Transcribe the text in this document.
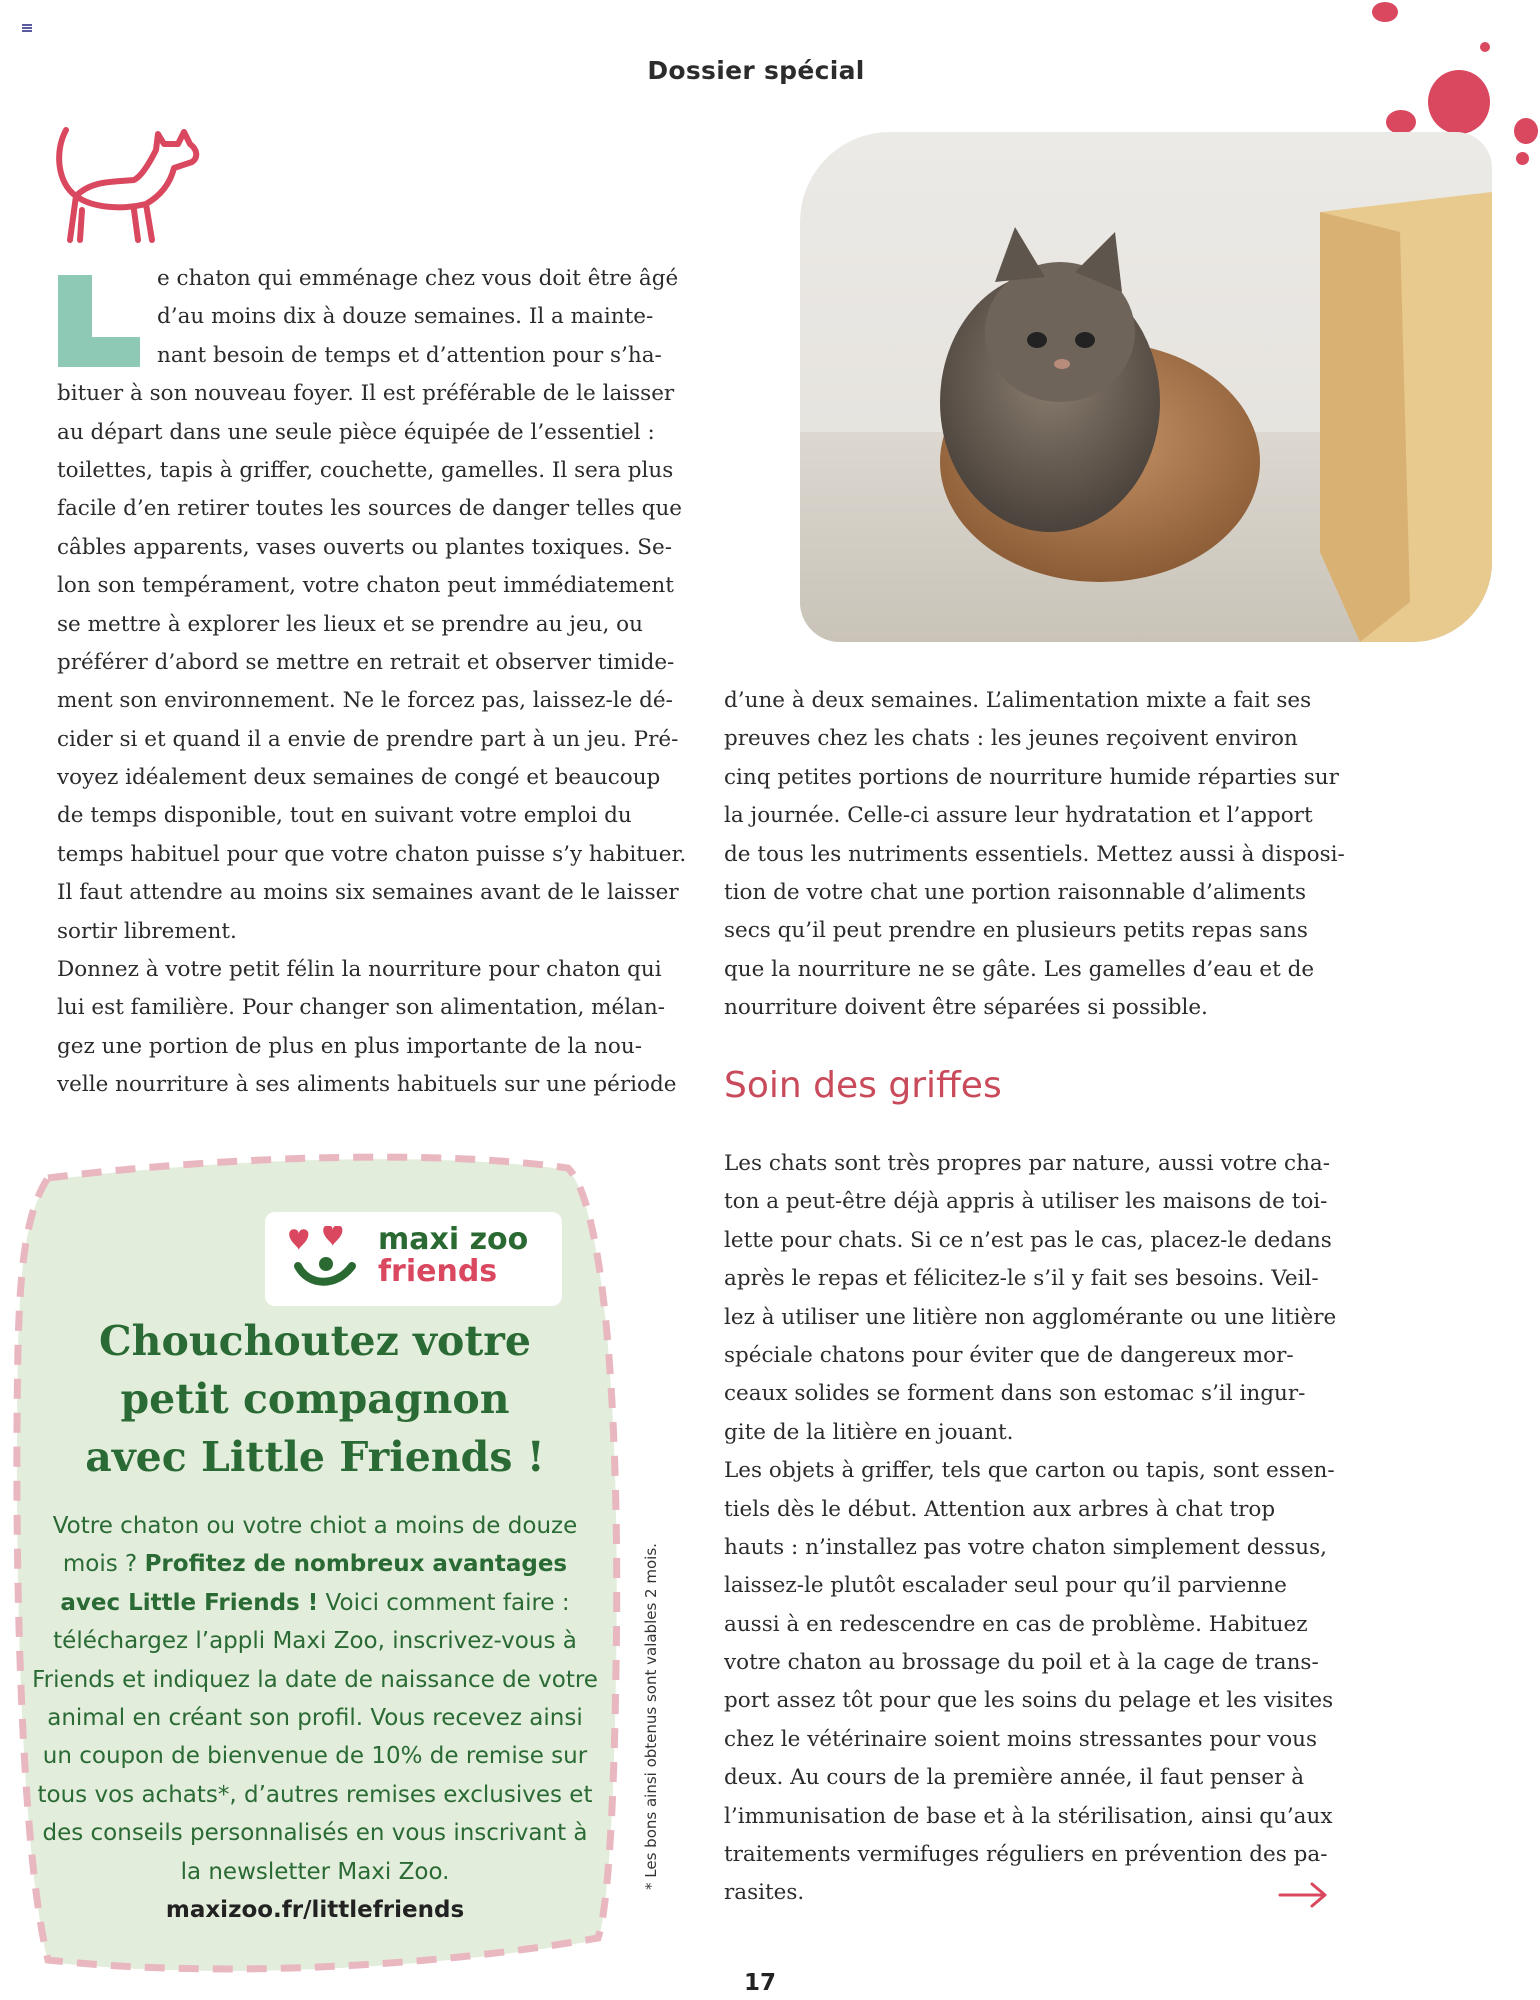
Dossier spécial
e chaton qui emménage chez vous doit être âgé
d’au moins dix à douze semaines. Il a mainte-
nant besoin de temps et d’attention pour s’ha-
bituer à son nouveau foyer. Il est préférable de le laisser
au départ dans une seule pièce équipée de l’essentiel :
toilettes, tapis à griffer, couchette, gamelles. Il sera plus
facile d’en retirer toutes les sources de danger telles que
câbles apparents, vases ouverts ou plantes toxiques. Se-
lon son tempérament, votre chaton peut immédiatement
se mettre à explorer les lieux et se prendre au jeu, ou
préférer d’abord se mettre en retrait et observer timide-
ment son environnement. Ne le forcez pas, laissez-le dé-
cider si et quand il a envie de prendre part à un jeu. Pré-
voyez idéalement deux semaines de congé et beaucoup
de temps disponible, tout en suivant votre emploi du
temps habituel pour que votre chaton puisse s’y habituer.
Il faut attendre au moins six semaines avant de le laisser
sortir librement.
Donnez à votre petit félin la nourriture pour chaton qui
lui est familière. Pour changer son alimentation, mélan-
gez une portion de plus en plus importante de la nou-
velle nourriture à ses aliments habituels sur une période
d’une à deux semaines. L’alimentation mixte a fait ses
preuves chez les chats : les jeunes reçoivent environ
cinq petites portions de nourriture humide réparties sur
la journée. Celle-ci assure leur hydratation et l’apport
de tous les nutriments essentiels. Mettez aussi à disposi-
tion de votre chat une portion raisonnable d’aliments
secs qu’il peut prendre en plusieurs petits repas sans
que la nourriture ne se gâte. Les gamelles d’eau et de
nourriture doivent être séparées si possible.
Soin des griffes
Les chats sont très propres par nature, aussi votre cha-
ton a peut-être déjà appris à utiliser les maisons de toi-
lette pour chats. Si ce n’est pas le cas, placez-le dedans
après le repas et félicitez-le s’il y fait ses besoins. Veil-
lez à utiliser une litière non agglomérante ou une litière
spéciale chatons pour éviter que de dangereux mor-
ceaux solides se forment dans son estomac s’il ingur-
gite de la litière en jouant.
Les objets à griffer, tels que carton ou tapis, sont essen-
tiels dès le début. Attention aux arbres à chat trop
hauts : n’installez pas votre chaton simplement dessus,
laissez-le plutôt escalader seul pour qu’il parvienne
aussi à en redescendre en cas de problème. Habituez
votre chaton au brossage du poil et à la cage de trans-
port assez tôt pour que les soins du pelage et les visites
chez le vétérinaire soient moins stressantes pour vous
deux. Au cours de la première année, il faut penser à
l’immunisation de base et à la stérilisation, ainsi qu’aux
traitements vermifuges réguliers en prévention des pa-
rasites.
maxi zoo
friends
Chouchoutez votre
petit compagnon
avec Little Friends !
Votre chaton ou votre chiot a moins de douze mois ? Profitez de nombreux avantages avec Little Friends ! Voici comment faire : téléchargez l’appli Maxi Zoo, inscrivez-vous à Friends et indiquez la date de naissance de votre animal en créant son profil. Vous recevez ainsi un coupon de bienvenue de 10% de remise sur tous vos achats*, d’autres remises exclusives et des conseils personnalisés en vous inscrivant à la newsletter Maxi Zoo.
maxizoo.fr/littlefriends
* Les bons ainsi obtenus sont valables 2 mois.
17
